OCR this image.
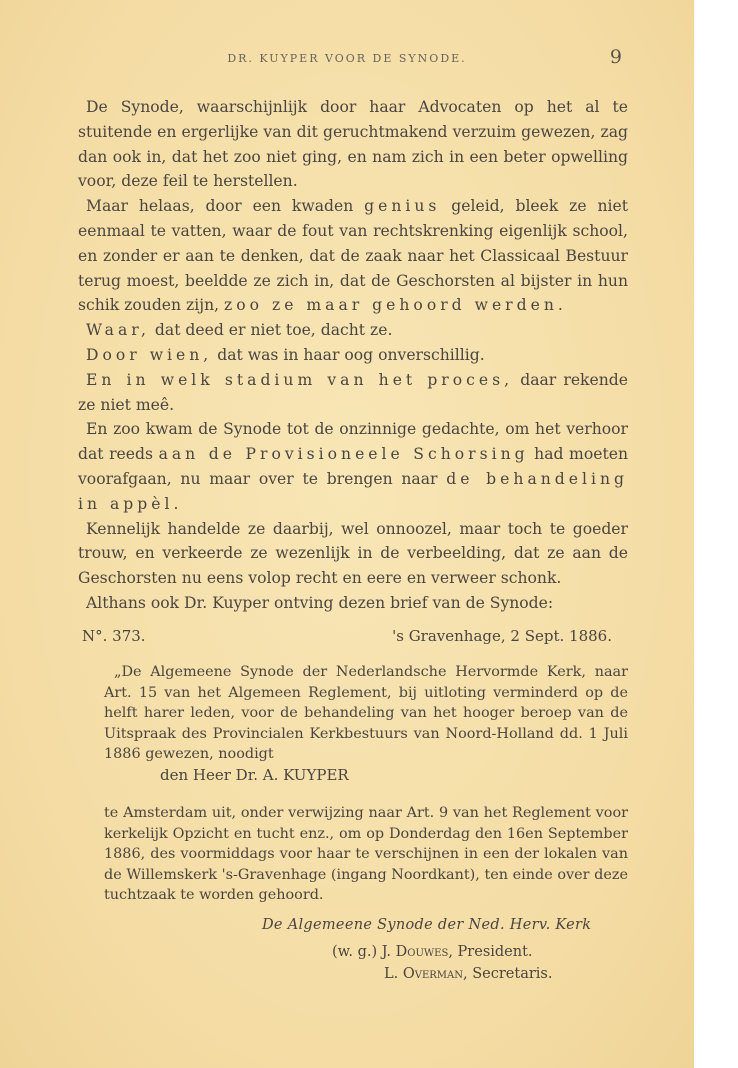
DR. KUYPER VOOR DE SYNODE.	9

De Synode, waarschijnlijk door haar Advocaten op het al te stuitende en ergerlijke van dit geruchtmakend verzuim gewezen, zag dan ook in, dat het zoo niet ging, en nam zich in een beter opwelling voor, deze feil te herstellen.

Maar helaas, door een kwaden genius geleid, bleek ze niet eenmaal te vatten, waar de fout van rechtskrenking eigenlijk school, en zonder er aan te denken, dat de zaak naar het Classicaal Bestuur terug moest, beeldde ze zich in, dat de Geschorsten al bijster in hun schik zouden zijn, zoo ze maar gehoord werden.

Waar, dat deed er niet toe, dacht ze.

Door wien, dat was in haar oog onverschillig.

En in welk stadium van het proces, daar rekende ze niet meê.

En zoo kwam de Synode tot de onzinnige gedachte, om het verhoor dat reeds aan de Provisioneele Schorsing had moeten voorafgaan, nu maar over te brengen naar de behandeling in appèl.

Kennelijk handelde ze daarbij, wel onnoozel, maar toch te goeder trouw, en verkeerde ze wezenlijk in de verbeelding, dat ze aan de Geschorsten nu eens volop recht en eere en verweer schonk.

Althans ook Dr. Kuyper ontving dezen brief van de Synode:

N°. 373.	's Gravenhage, 2 Sept. 1886.

„De Algemeene Synode der Nederlandsche Hervormde Kerk, naar Art. 15 van het Algemeen Reglement, bij uitloting verminderd op de helft harer leden, voor de behandeling van het hooger beroep van de Uitspraak des Provincialen Kerkbestuurs van Noord-Holland dd. 1 Juli 1886 gewezen, noodigt

den Heer Dr. A. KUYPER

te Amsterdam uit, onder verwijzing naar Art. 9 van het Reglement voor kerkelijk Opzicht en tucht enz., om op Donderdag den 16en September 1886, des voormiddags voor haar te verschijnen in een der lokalen van de Willemskerk 's-Gravenhage (ingang Noordkant), ten einde over deze tuchtzaak te worden gehoord.

De Algemeene Synode der Ned. Herv. Kerk
(w. g.) J. Douwes, President.
L. Overman, Secretaris.
